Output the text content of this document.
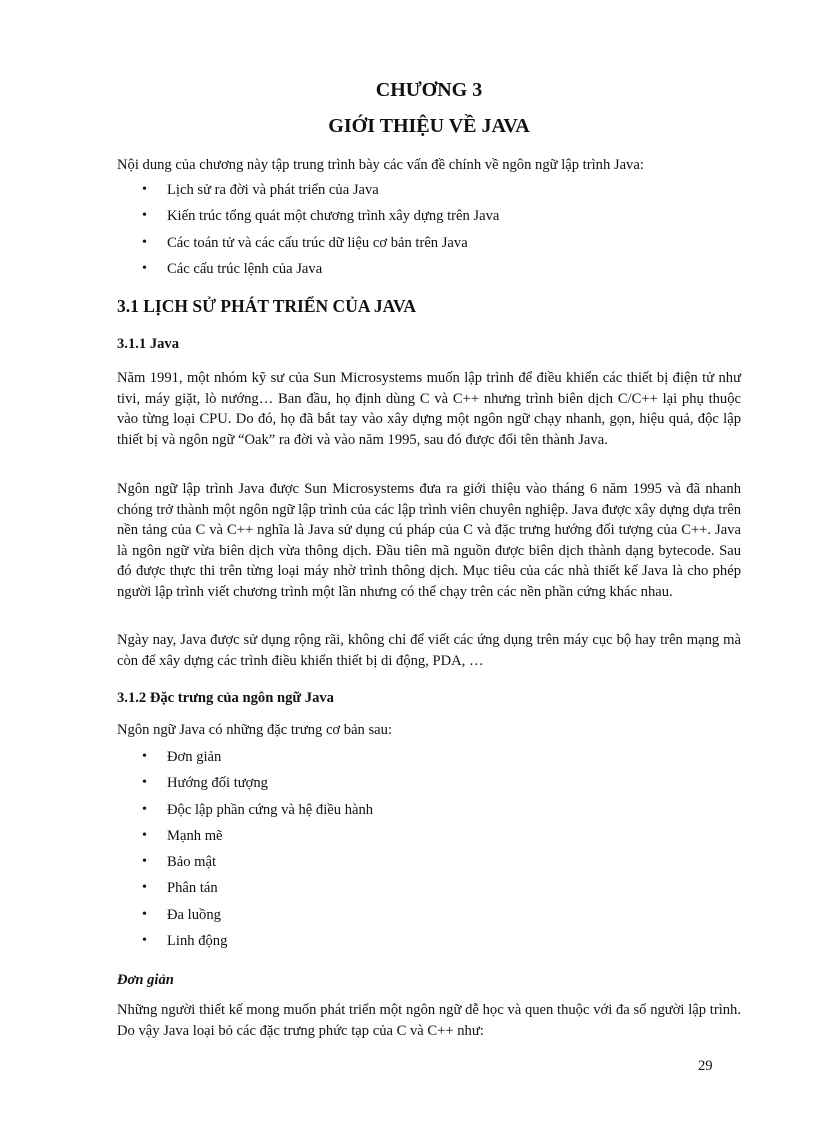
CHƯƠNG 3
GIỚI THIỆU VỀ JAVA

Nội dung của chương này tập trung trình bày các vấn đề chính về ngôn ngữ lập trình Java:

• Lịch sử ra đời và phát triển của Java
• Kiến trúc tổng quát một chương trình xây dựng trên Java
• Các toán tử và các cấu trúc dữ liệu cơ bản trên Java
• Các cấu trúc lệnh của Java
3.1 LỊCH SỬ PHÁT TRIỂN CỦA JAVA
3.1.1 Java

Năm 1991, một nhóm kỹ sư của Sun Microsystems muốn lập trình để điều khiển các thiết bị điện tử như tivi, máy giặt, lò nướng… Ban đầu, họ định dùng C và C++ nhưng trình biên dịch C/C++ lại phụ thuộc vào từng loại CPU. Do đó, họ đã bắt tay vào xây dựng một ngôn ngữ chạy nhanh, gọn, hiệu quả, độc lập thiết bị và ngôn ngữ “Oak” ra đời và vào năm 1995, sau đó được đổi tên thành Java.

Ngôn ngữ lập trình Java được Sun Microsystems đưa ra giới thiệu vào tháng 6 năm 1995 và đã nhanh chóng trở thành một ngôn ngữ lập trình của các lập trình viên chuyên nghiệp. Java được xây dựng dựa trên nền tảng của C và C++ nghĩa là Java sử dụng cú pháp của C và đặc trưng hướng đối tượng của C++. Java là ngôn ngữ vừa biên dịch vừa thông dịch. Đầu tiên mã nguồn được biên dịch thành dạng bytecode. Sau đó được thực thi trên từng loại máy nhờ trình thông dịch. Mục tiêu của các nhà thiết kế Java là cho phép người lập trình viết chương trình một lần nhưng có thể chạy trên các nền phần cứng khác nhau.

Ngày nay, Java được sử dụng rộng rãi, không chỉ để viết các ứng dụng trên máy cục bộ hay trên mạng mà còn để xây dựng các trình điều khiển thiết bị di động, PDA, …

3.1.2 Đặc trưng của ngôn ngữ Java

Ngôn ngữ Java có những đặc trưng cơ bản sau:

• Đơn giản
• Hướng đối tượng
• Độc lập phần cứng và hệ điều hành
• Mạnh mẽ
• Bảo mật
• Phân tán
• Đa luồng
• Linh động
Đơn giản

Những người thiết kế mong muốn phát triển một ngôn ngữ dễ học và quen thuộc với đa số người lập trình. Do vậy Java loại bỏ các đặc trưng phức tạp của C và C++ như:

29
